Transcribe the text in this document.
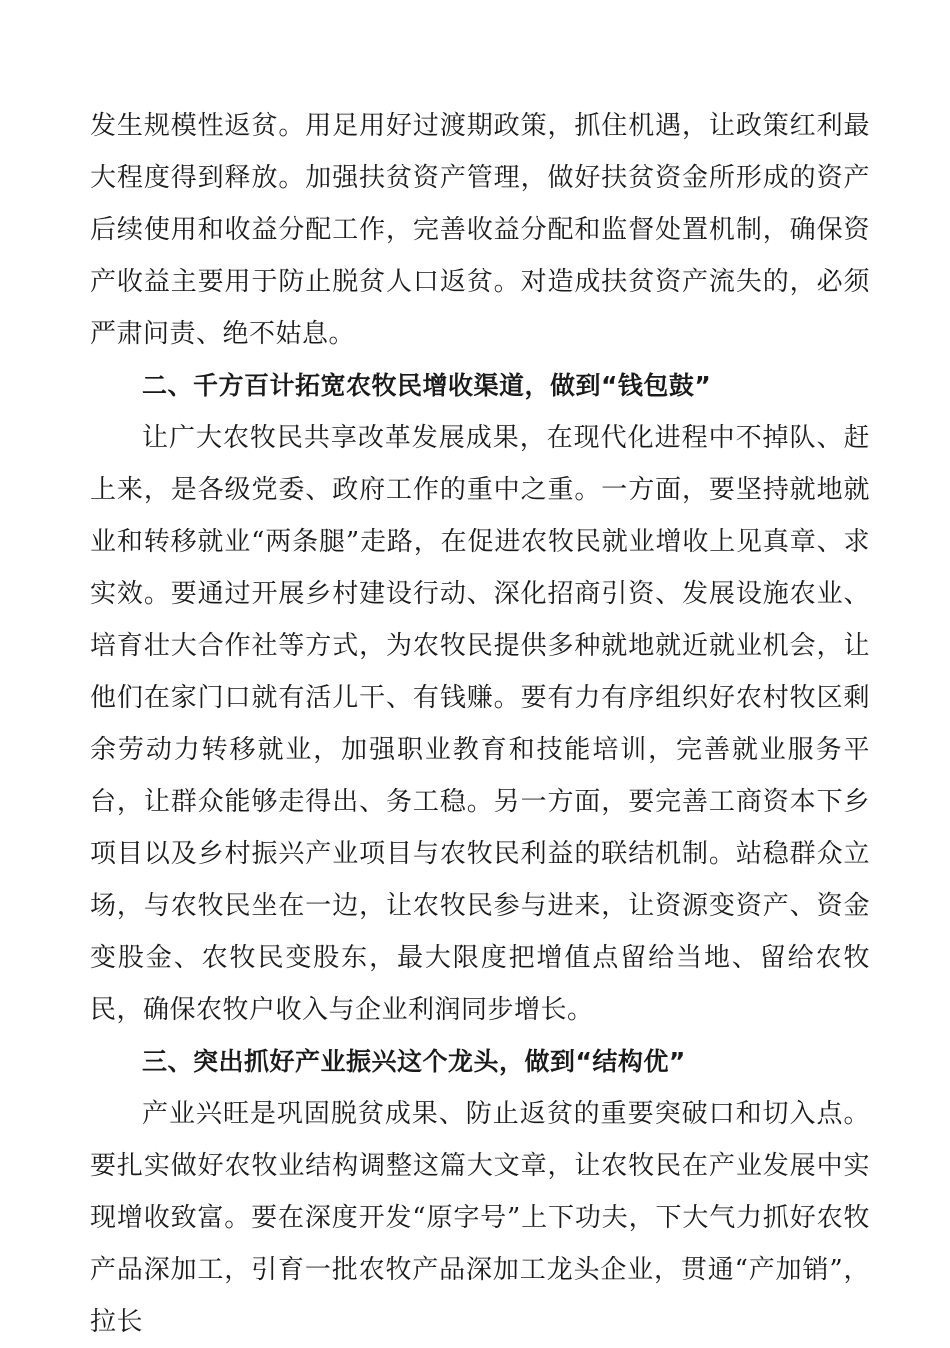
发生规模性返贫。用足用好过渡期政策，抓住机遇，让政策红利最大程度得到释放。加强扶贫资产管理，做好扶贫资金所形成的资产后续使用和收益分配工作，完善收益分配和监督处置机制，确保资产收益主要用于防止脱贫人口返贫。对造成扶贫资产流失的，必须严肃问责、绝不姑息。

二、千方百计拓宽农牧民增收渠道，做到“钱包鼓”

让广大农牧民共享改革发展成果，在现代化进程中不掉队、赶上来，是各级党委、政府工作的重中之重。一方面，要坚持就地就业和转移就业“两条腿”走路，在促进农牧民就业增收上见真章、求实效。要通过开展乡村建设行动、深化招商引资、发展设施农业、培育壮大合作社等方式，为农牧民提供多种就地就近就业机会，让他们在家门口就有活儿干、有钱赚。要有力有序组织好农村牧区剩余劳动力转移就业，加强职业教育和技能培训，完善就业服务平台，让群众能够走得出、务工稳。另一方面，要完善工商资本下乡项目以及乡村振兴产业项目与农牧民利益的联结机制。站稳群众立场，与农牧民坐在一边，让农牧民参与进来，让资源变资产、资金变股金、农牧民变股东，最大限度把增值点留给当地、留给农牧民，确保农牧户收入与企业利润同步增长。

三、突出抓好产业振兴这个龙头，做到“结构优”

产业兴旺是巩固脱贫成果、防止返贫的重要突破口和切入点。要扎实做好农牧业结构调整这篇大文章，让农牧民在产业发展中实现增收致富。要在深度开发“原字号”上下功夫，下大气力抓好农牧产品深加工，引育一批农牧产品深加工龙头企业，贯通“产加销”，拉长
